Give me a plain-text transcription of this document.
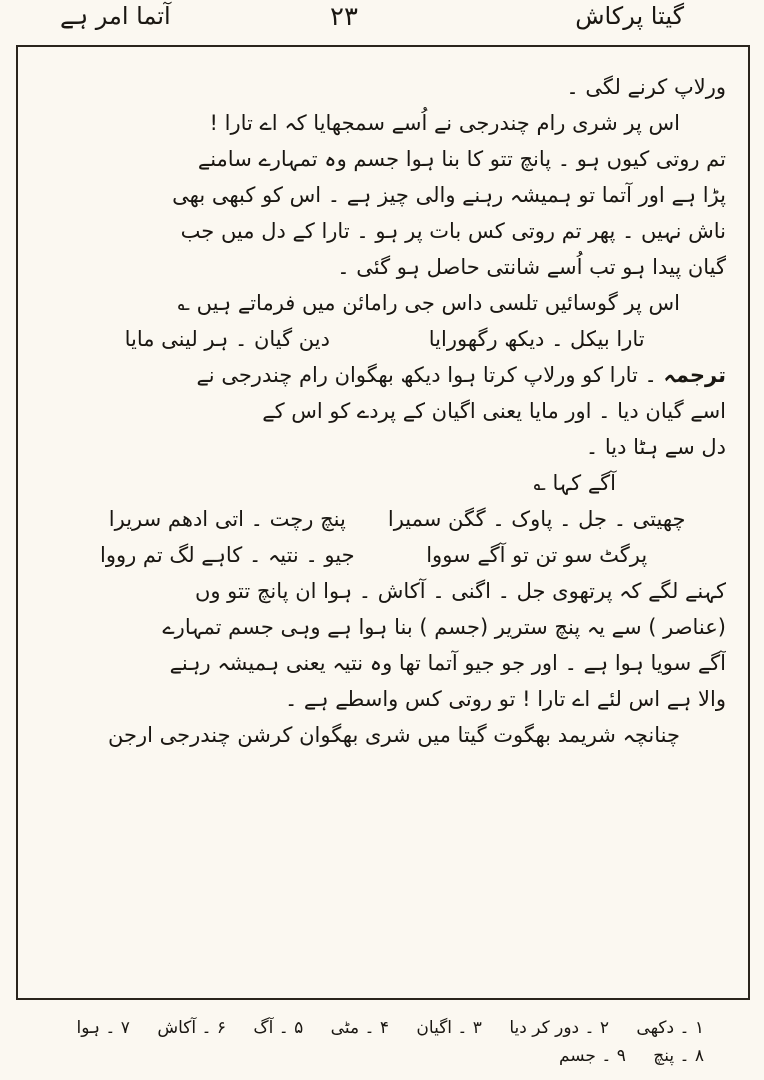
گیتا پرکاش
۲۳
آتما امر ہے
ورلاپ کرنے لگی ۔
اس پر شری رام چندرجی نے اُسے سمجھایا کہ اے تارا !
تم روتی کیوں ہو ۔ پانچ تتو کا بنا ہوا جسم وہ تمہارے سامنے
پڑا ہے اور آتما تو ہمیشہ رہنے والی چیز ہے ۔ اس کو کبھی بھی
ناش نہیں ۔ پھر تم روتی کس بات پر ہو ۔ تارا کے دل میں جب
گیان پیدا ہو تب اُسے شانتی حاصل ہو گئی ۔
اس پر گوسائیں تلسی داس جی رامائن میں فرماتے ہیں ؎
تارا بیکل ۔ دیکھ رگھورایا دین گیان ۔ ہر لینی مایا
ترجمہ ۔ تارا کو ورلاپ کرتا ہوا دیکھ بھگوان رام چندرجی نے
اسے گیان دیا ۔ اور مایا یعنی اگیان کے پردے کو اس کے
دل سے ہٹا دیا ۔
آگے کہا ؎
چھیتی ۔ جل ۔ پاوک ۔ گگن سمیرا پنچ رچت ۔ اتی ادھم سریرا
پرگٹ سو تن تو آگے سووا جیو ۔ نتیہ ۔ کاہے لگ تم رووا
کہنے لگے کہ پرتھوی جل ۔ اگنی ۔ آکاش ۔ ہوا ان پانچ تتو وں
(عناصر ) سے یہ پنچ ستریر (جسم ) بنا ہوا ہے وہی جسم تمہارے
آگے سویا ہوا ہے ۔ اور جو جیو آتما تھا وہ نتیہ یعنی ہمیشہ رہنے
والا ہے اس لئے اے تارا ! تو روتی کس واسطے ہے ۔
چنانچہ شریمد بھگوت گیتا میں شری بھگوان کرشن چندرجی ارجن
۱ ۔ دکھی ۲ ۔ دور کر دیا ۳ ۔ اگیان ۴ ۔ مٹی ۵ ۔ آگ ۶ ۔ آکاش ۷ ۔ ہوا
۸ ۔ پنچ ۹ ۔ جسم
